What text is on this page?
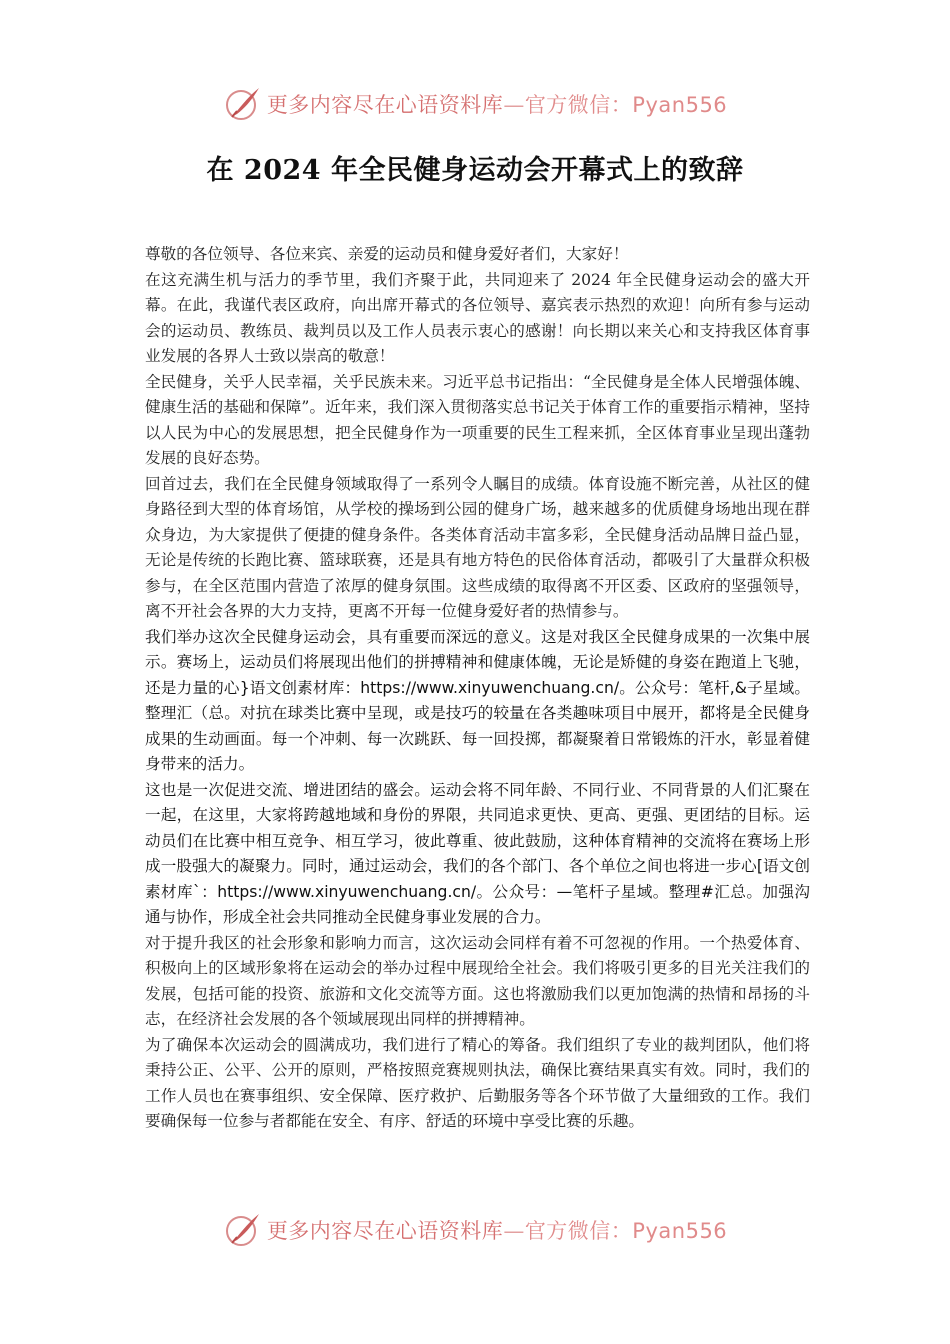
更多内容尽在心语资料库—官方微信：Pyan556
在 2024 年全民健身运动会开幕式上的致辞

尊敬的各位领导、各位来宾、亲爱的运动员和健身爱好者们，大家好！

在这充满生机与活力的季节里，我们齐聚于此，共同迎来了 2024 年全民健身运动会的盛大开幕。在此，我谨代表区政府，向出席开幕式的各位领导、嘉宾表示热烈的欢迎！向所有参与运动会的运动员、教练员、裁判员以及工作人员表示衷心的感谢！向长期以来关心和支持我区体育事业发展的各界人士致以崇高的敬意！

全民健身，关乎人民幸福，关乎民族未来。习近平总书记指出：“全民健身是全体人民增强体魄、健康生活的基础和保障”。近年来，我们深入贯彻落实总书记关于体育工作的重要指示精神，坚持以人民为中心的发展思想，把全民健身作为一项重要的民生工程来抓，全区体育事业呈现出蓬勃发展的良好态势。

回首过去，我们在全民健身领域取得了一系列令人瞩目的成绩。体育设施不断完善，从社区的健身路径到大型的体育场馆，从学校的操场到公园的健身广场，越来越多的优质健身场地出现在群众身边，为大家提供了便捷的健身条件。各类体育活动丰富多彩，全民健身活动品牌日益凸显，无论是传统的长跑比赛、篮球联赛，还是具有地方特色的民俗体育活动，都吸引了大量群众积极参与，在全区范围内营造了浓厚的健身氛围。这些成绩的取得离不开区委、区政府的坚强领导，离不开社会各界的大力支持，更离不开每一位健身爱好者的热情参与。

我们举办这次全民健身运动会，具有重要而深远的意义。这是对我区全民健身成果的一次集中展示。赛场上，运动员们将展现出他们的拼搏精神和健康体魄，无论是矫健的身姿在跑道上飞驰，还是力量的心}语文创素材库：https://www.xinyuwenchuang.cn/。公众号：笔杆,&子星域。整理汇（总。对抗在球类比赛中呈现，或是技巧的较量在各类趣味项目中展开，都将是全民健身成果的生动画面。每一个冲刺、每一次跳跃、每一回投掷，都凝聚着日常锻炼的汗水，彰显着健身带来的活力。

这也是一次促进交流、增进团结的盛会。运动会将不同年龄、不同行业、不同背景的人们汇聚在一起，在这里，大家将跨越地域和身份的界限，共同追求更快、更高、更强、更团结的目标。运动员们在比赛中相互竞争、相互学习，彼此尊重、彼此鼓励，这种体育精神的交流将在赛场上形成一股强大的凝聚力。同时，通过运动会，我们的各个部门、各个单位之间也将进一步心[语文创素材库`：https://www.xinyuwenchuang.cn/。公众号：—笔杆子星域。整理#汇总。加强沟通与协作，形成全社会共同推动全民健身事业发展的合力。

对于提升我区的社会形象和影响力而言，这次运动会同样有着不可忽视的作用。一个热爱体育、积极向上的区域形象将在运动会的举办过程中展现给全社会。我们将吸引更多的目光关注我们的发展，包括可能的投资、旅游和文化交流等方面。这也将激励我们以更加饱满的热情和昂扬的斗志，在经济社会发展的各个领域展现出同样的拼搏精神。

为了确保本次运动会的圆满成功，我们进行了精心的筹备。我们组织了专业的裁判团队，他们将秉持公正、公平、公开的原则，严格按照竞赛规则执法，确保比赛结果真实有效。同时，我们的工作人员也在赛事组织、安全保障、医疗救护、后勤服务等各个环节做了大量细致的工作。我们要确保每一位参与者都能在安全、有序、舒适的环境中享受比赛的乐趣。

更多内容尽在心语资料库—官方微信：Pyan556
